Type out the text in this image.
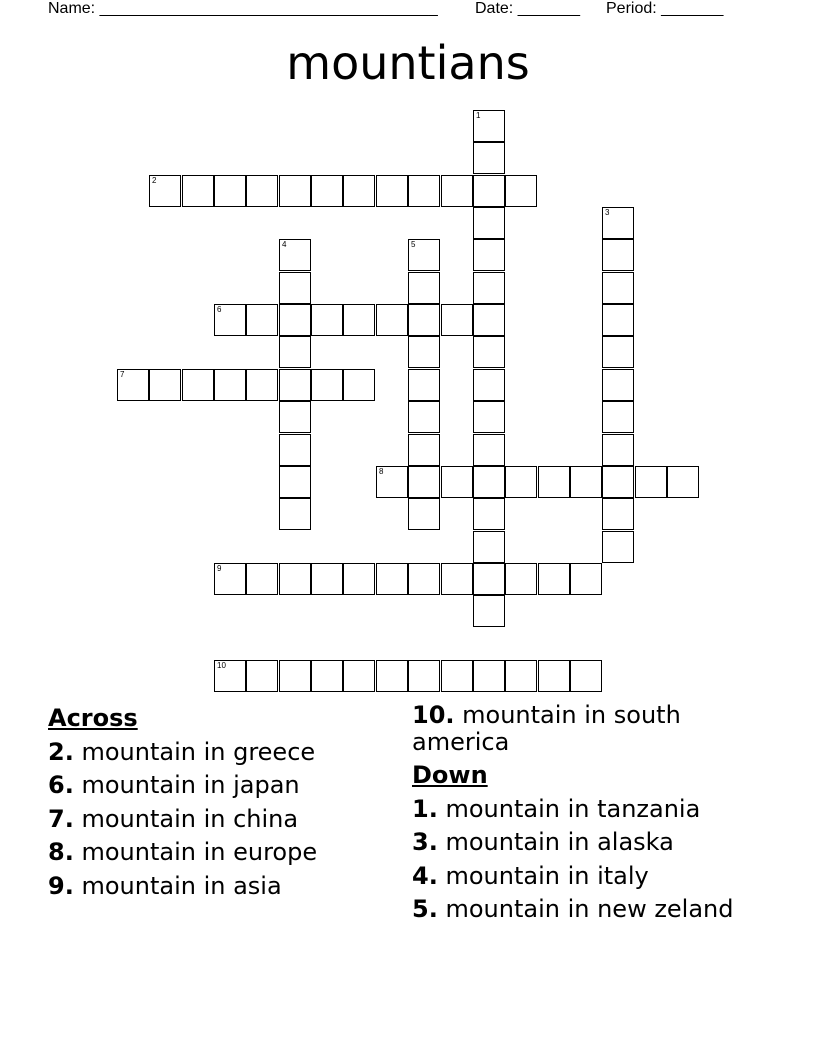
Name: ______________________________________ Date: _______ Period: _______
mountians
1
2
3
4	5
6
7
8
9
10
Across
2. mountain in greece
6. mountain in japan
7. mountain in china
8. mountain in europe
9. mountain in asia
10. mountain in south america
Down
1. mountain in tanzania
3. mountain in alaska
4. mountain in italy
5. mountain in new zeland
